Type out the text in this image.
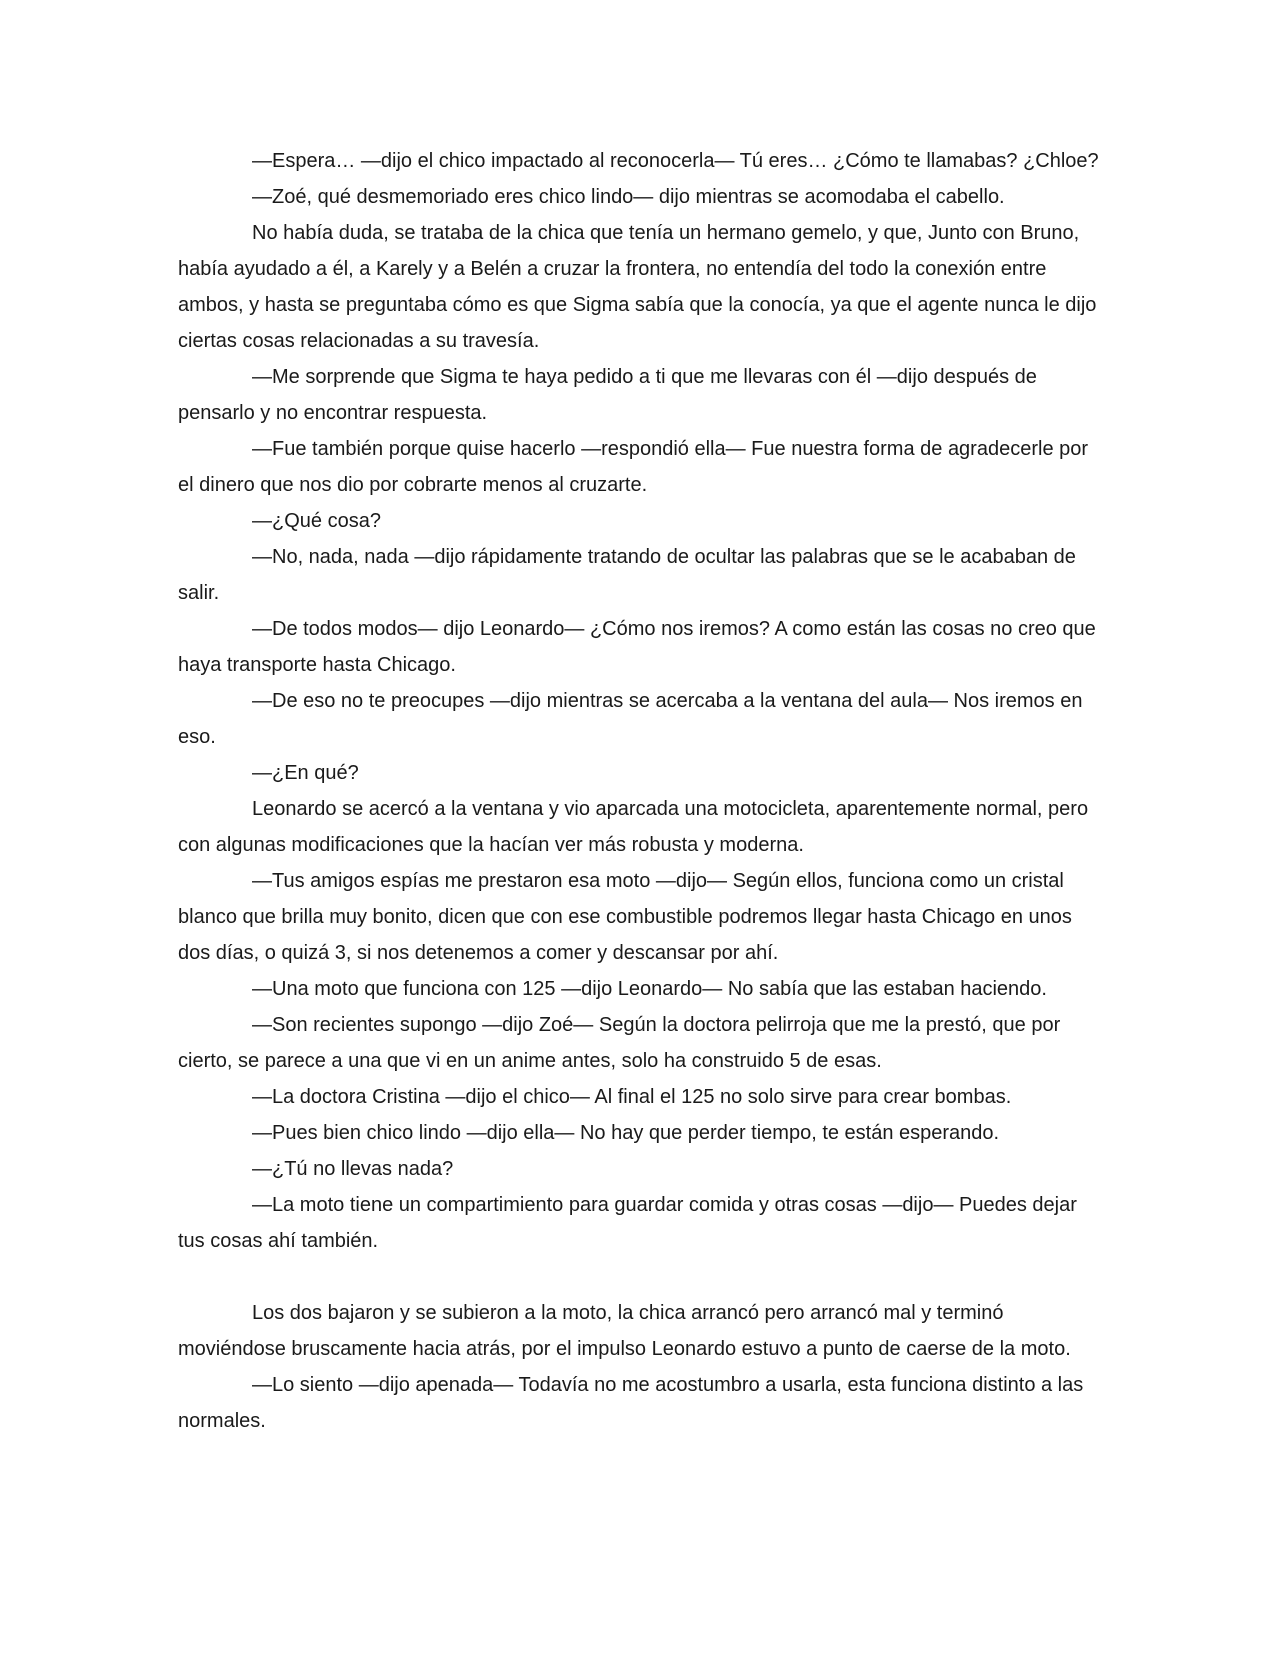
—Espera… —dijo el chico impactado al reconocerla— Tú eres… ¿Cómo te llamabas? ¿Chloe?

—Zoé, qué desmemoriado eres chico lindo— dijo mientras se acomodaba el cabello.

No había duda, se trataba de la chica que tenía un hermano gemelo, y que, Junto con Bruno, había ayudado a él, a Karely y a Belén a cruzar la frontera, no entendía del todo la conexión entre ambos, y hasta se preguntaba cómo es que Sigma sabía que la conocía, ya que el agente nunca le dijo ciertas cosas relacionadas a su travesía.

—Me sorprende que Sigma te haya pedido a ti que me llevaras con él —dijo después de pensarlo y no encontrar respuesta.

—Fue también porque quise hacerlo —respondió ella— Fue nuestra forma de agradecerle por el dinero que nos dio por cobrarte menos al cruzarte.

—¿Qué cosa?

—No, nada, nada —dijo rápidamente tratando de ocultar las palabras que se le acababan de salir.

—De todos modos— dijo Leonardo— ¿Cómo nos iremos? A como están las cosas no creo que haya transporte hasta Chicago.

—De eso no te preocupes —dijo mientras se acercaba a la ventana del aula— Nos iremos en eso.

—¿En qué?

Leonardo se acercó a la ventana y vio aparcada una motocicleta, aparentemente normal, pero con algunas modificaciones que la hacían ver más robusta y moderna.

—Tus amigos espías me prestaron esa moto —dijo— Según ellos, funciona como un cristal blanco que brilla muy bonito, dicen que con ese combustible podremos llegar hasta Chicago en unos dos días, o quizá 3, si nos detenemos a comer y descansar por ahí.

—Una moto que funciona con 125 —dijo Leonardo— No sabía que las estaban haciendo.

—Son recientes supongo —dijo Zoé— Según la doctora pelirroja que me la prestó, que por cierto, se parece a una que vi en un anime antes, solo ha construido 5 de esas.

—La doctora Cristina —dijo el chico— Al final el 125 no solo sirve para crear bombas.

—Pues bien chico lindo —dijo ella— No hay que perder tiempo, te están esperando.

—¿Tú no llevas nada?

—La moto tiene un compartimiento para guardar comida y otras cosas —dijo— Puedes dejar tus cosas ahí también.

Los dos bajaron y se subieron a la moto, la chica arrancó pero arrancó mal y terminó moviéndose bruscamente hacia atrás, por el impulso Leonardo estuvo a punto de caerse de la moto.

—Lo siento —dijo apenada— Todavía no me acostumbro a usarla, esta funciona distinto a las normales.
